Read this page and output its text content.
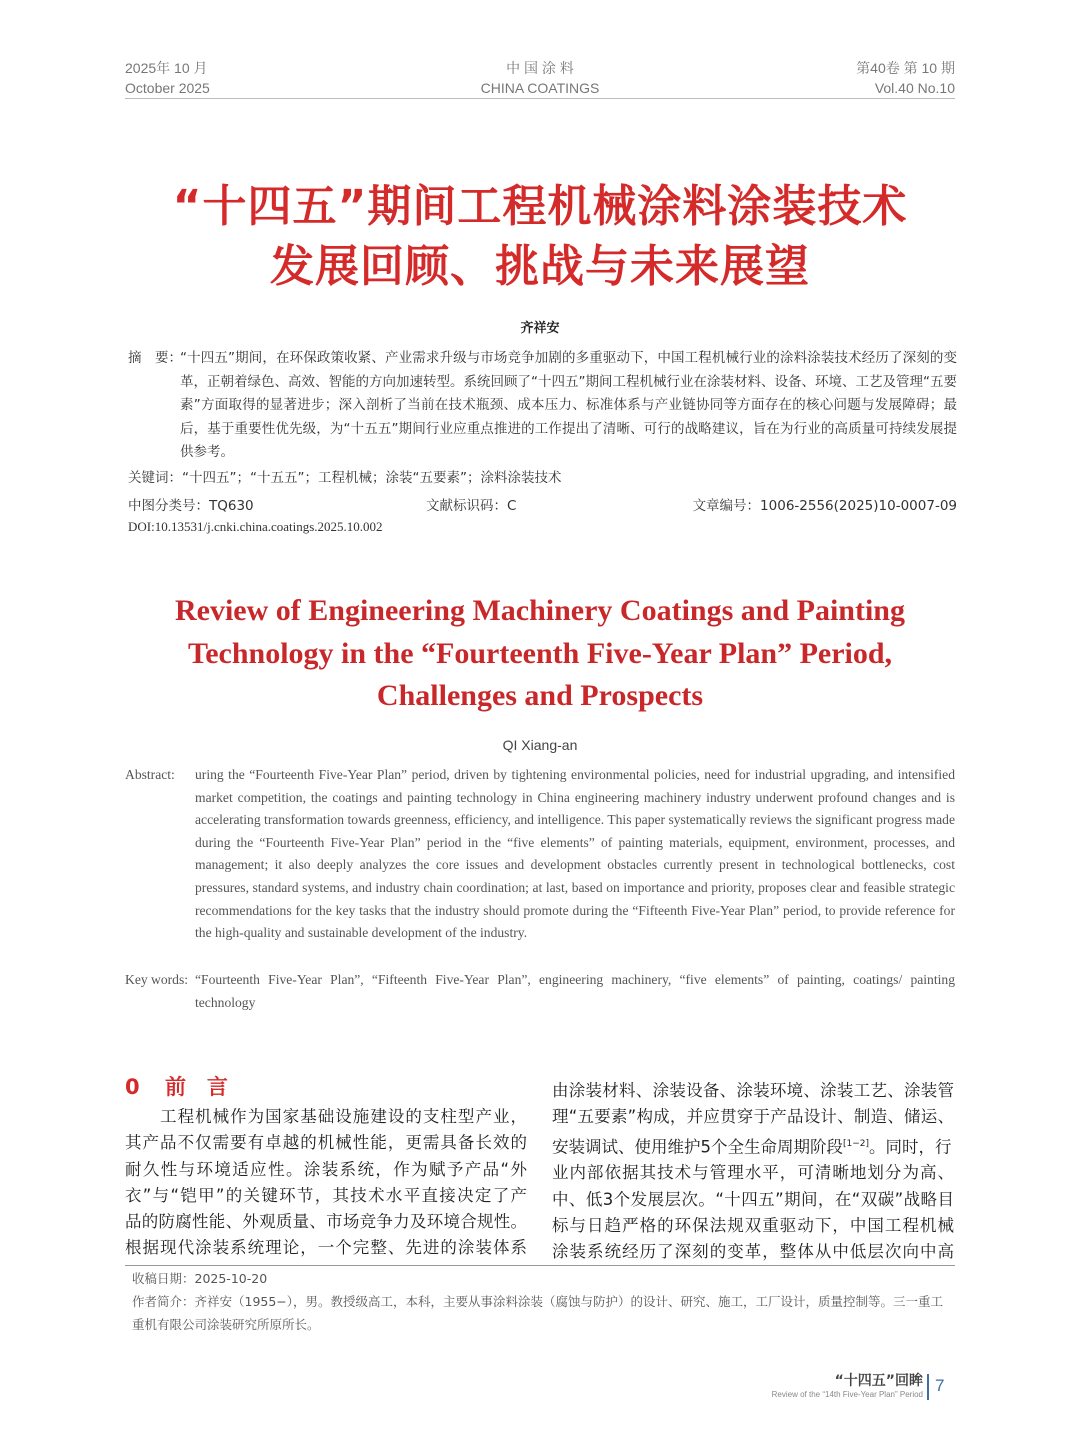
2025年 10 月
October 2025
中 国 涂 料
CHINA COATINGS
第40卷 第 10 期
Vol.40 No.10
“十四五”期间工程机械涂料涂装技术
发展回顾、挑战与未来展望
齐祥安
摘　要：
“十四五”期间，在环保政策收紧、产业需求升级与市场竞争加剧的多重驱动下，中国工程机械行业的涂料涂装技术经历了深刻的变革，正朝着绿色、高效、智能的方向加速转型。系统回顾了“十四五”期间工程机械行业在涂装材料、设备、环境、工艺及管理“五要素”方面取得的显著进步；深入剖析了当前在技术瓶颈、成本压力、标准体系与产业链协同等方面存在的核心问题与发展障碍；最后，基于重要性优先级，为“十五五”期间行业应重点推进的工作提出了清晰、可行的战略建议，旨在为行业的高质量可持续发展提供参考。
关键词：“十四五”；“十五五”；工程机械；涂装“五要素”；涂料涂装技术
中图分类号：TQ630	文献标识码：C	文章编号：1006-2556(2025)10-0007-09
DOI:10.13531/j.cnki.china.coatings.2025.10.002
Review of Engineering Machinery Coatings and Painting
Technology in the “Fourteenth Five-Year Plan” Period,
Challenges and Prospects
QI Xiang-an
Abstract: uring the “Fourteenth Five-Year Plan” period, driven by tightening environmental policies, need for industrial upgrading, and intensified market competition, the coatings and painting technology in China engineering machinery industry underwent profound changes and is accelerating transformation towards greenness, efficiency, and intelligence. This paper systematically reviews the significant progress made during the “Fourteenth Five-Year Plan” period in the “five elements” of painting materials, equipment, environment, processes, and management; it also deeply analyzes the core issues and development obstacles currently present in technological bottlenecks, cost pressures, standard systems, and industry chain coordination; at last, based on importance and priority, proposes clear and feasible strategic recommendations for the key tasks that the industry should promote during the “Fifteenth Five-Year Plan” period, to provide reference for the high-quality and sustainable development of the industry.
Key words: “Fourteenth Five-Year Plan”, “Fifteenth Five-Year Plan”, engineering machinery, “five elements” of painting, coatings/ painting technology
0 前　言
　　工程机械作为国家基础设施建设的支柱型产业，
其产品不仅需要有卓越的机械性能，更需具备长效的
耐久性与环境适应性。涂装系统，作为赋予产品“外
衣”与“铠甲”的关键环节，其技术水平直接决定了产
品的防腐性能、外观质量、市场竞争力及环境合规性。
根据现代涂装系统理论，一个完整、先进的涂装体系
由涂装材料、涂装设备、涂装环境、涂装工艺、涂装管
理“五要素”构成，并应贯穿于产品设计、制造、储运、
安装调试、使用维护5个全生命周期阶段[1−2]。同时，行
业内部依据其技术与管理水平，可清晰地划分为高、
中、低3个发展层次。“十四五”期间，在“双碳”战略目
标与日趋严格的环保法规双重驱动下，中国工程机械
涂装系统经历了深刻的变革，整体从中低层次向中高
收稿日期：2025-10-20
作者简介：齐祥安（1955−），男。教授级高工，本科，主要从事涂料涂装（腐蚀与防护）的设计、研究、施工，工厂设计，质量控制等。三一重工重机有限公司涂装研究所原所长。
“十四五”回眸
Review of the “14th Five-Year Plan” Period 7
